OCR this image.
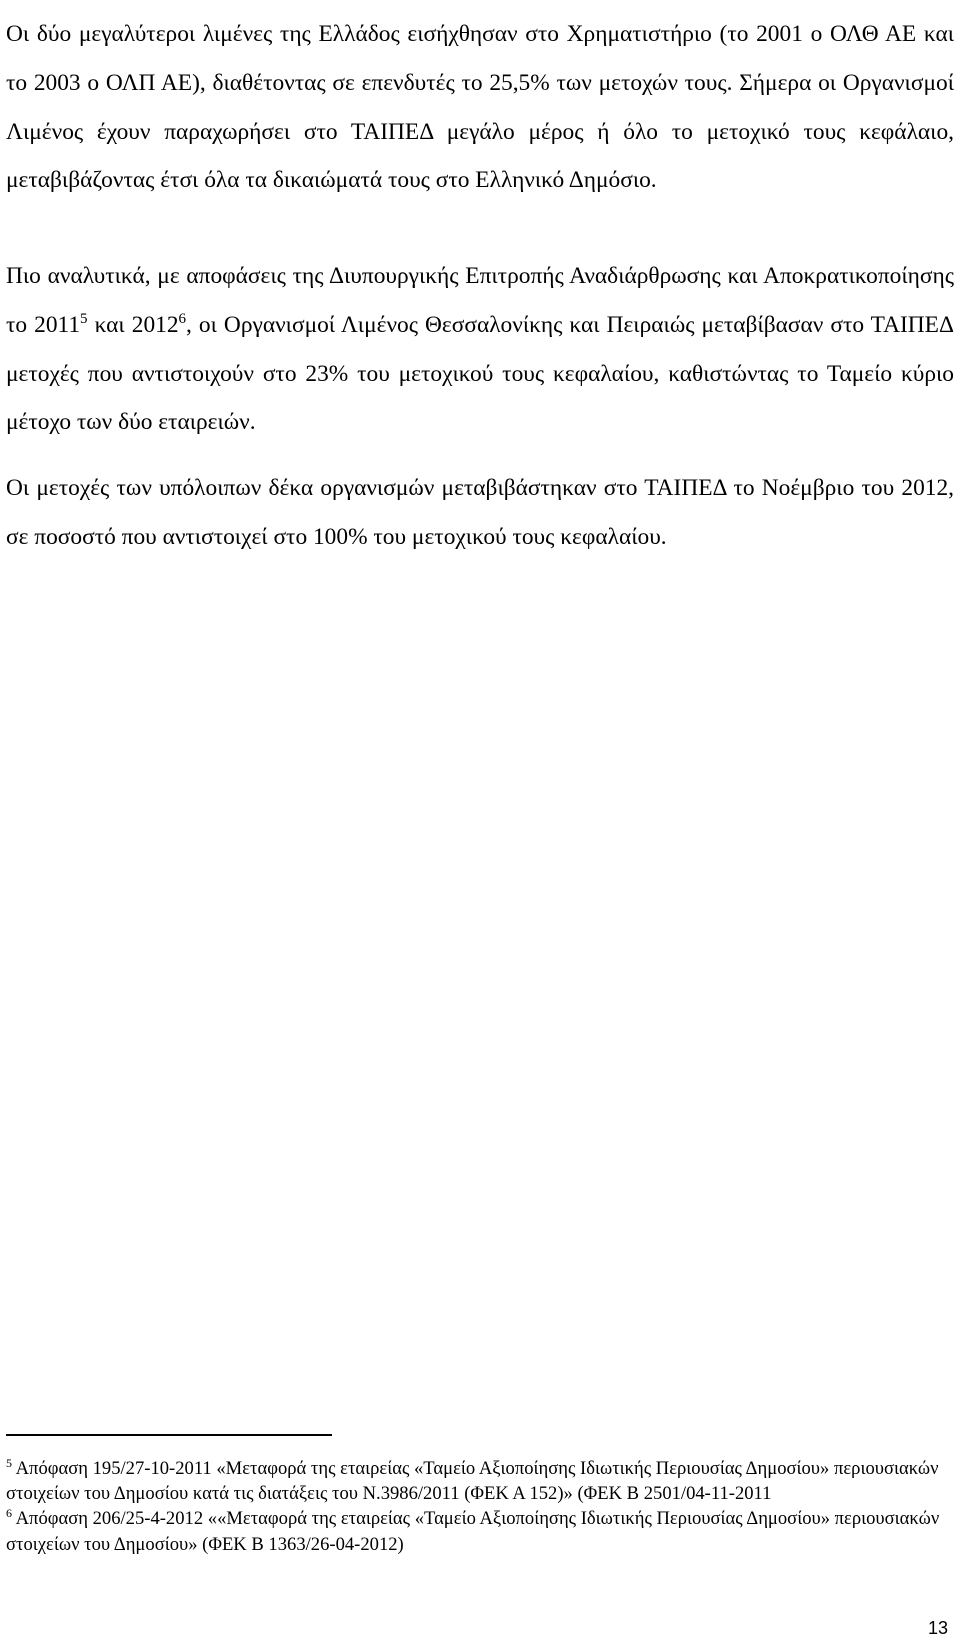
Οι δύο μεγαλύτεροι λιμένες της Ελλάδος εισήχθησαν στο Χρηματιστήριο (το 2001 ο ΟΛΘ ΑΕ και το 2003 ο ΟΛΠ ΑΕ), διαθέτοντας σε επενδυτές το 25,5% των μετοχών τους. Σήμερα οι Οργανισμοί Λιμένος έχουν παραχωρήσει στο ΤΑΙΠΕΔ μεγάλο μέρος ή όλο το μετοχικό τους κεφάλαιο, μεταβιβάζοντας έτσι όλα τα δικαιώματά τους στο Ελληνικό Δημόσιο.

Πιο αναλυτικά, με αποφάσεις της Διυπουργικής Επιτροπής Αναδιάρθρωσης και Αποκρατικοποίησης το 2011$^5$ και 2012$^6$, οι Οργανισμοί Λιμένος Θεσσαλονίκης και Πειραιώς μεταβίβασαν στο ΤΑΙΠΕΔ μετοχές που αντιστοιχούν στο 23% του μετοχικού τους κεφαλαίου, καθιστώντας το Ταμείο κύριο μέτοχο των δύο εταιρειών.

Οι μετοχές των υπόλοιπων δέκα οργανισμών μεταβιβάστηκαν στο ΤΑΙΠΕΔ το Νοέμβριο του 2012, σε ποσοστό που αντιστοιχεί στο 100% του μετοχικού τους κεφαλαίου.

$^5$ Απόφαση 195/27-10-2011 «Μεταφορά της εταιρείας «Ταμείο Αξιοποίησης Ιδιωτικής Περιουσίας Δημοσίου» περιουσιακών στοιχείων του Δημοσίου κατά τις διατάξεις του Ν.3986/2011 (ΦΕΚ Α 152)» (ΦΕΚ Β 2501/04-11-2011

$^6$ Απόφαση 206/25-4-2012 ««Μεταφορά της εταιρείας «Ταμείο Αξιοποίησης Ιδιωτικής Περιουσίας Δημοσίου» περιουσιακών στοιχείων του Δημοσίου» (ΦΕΚ Β 1363/26-04-2012)

13
